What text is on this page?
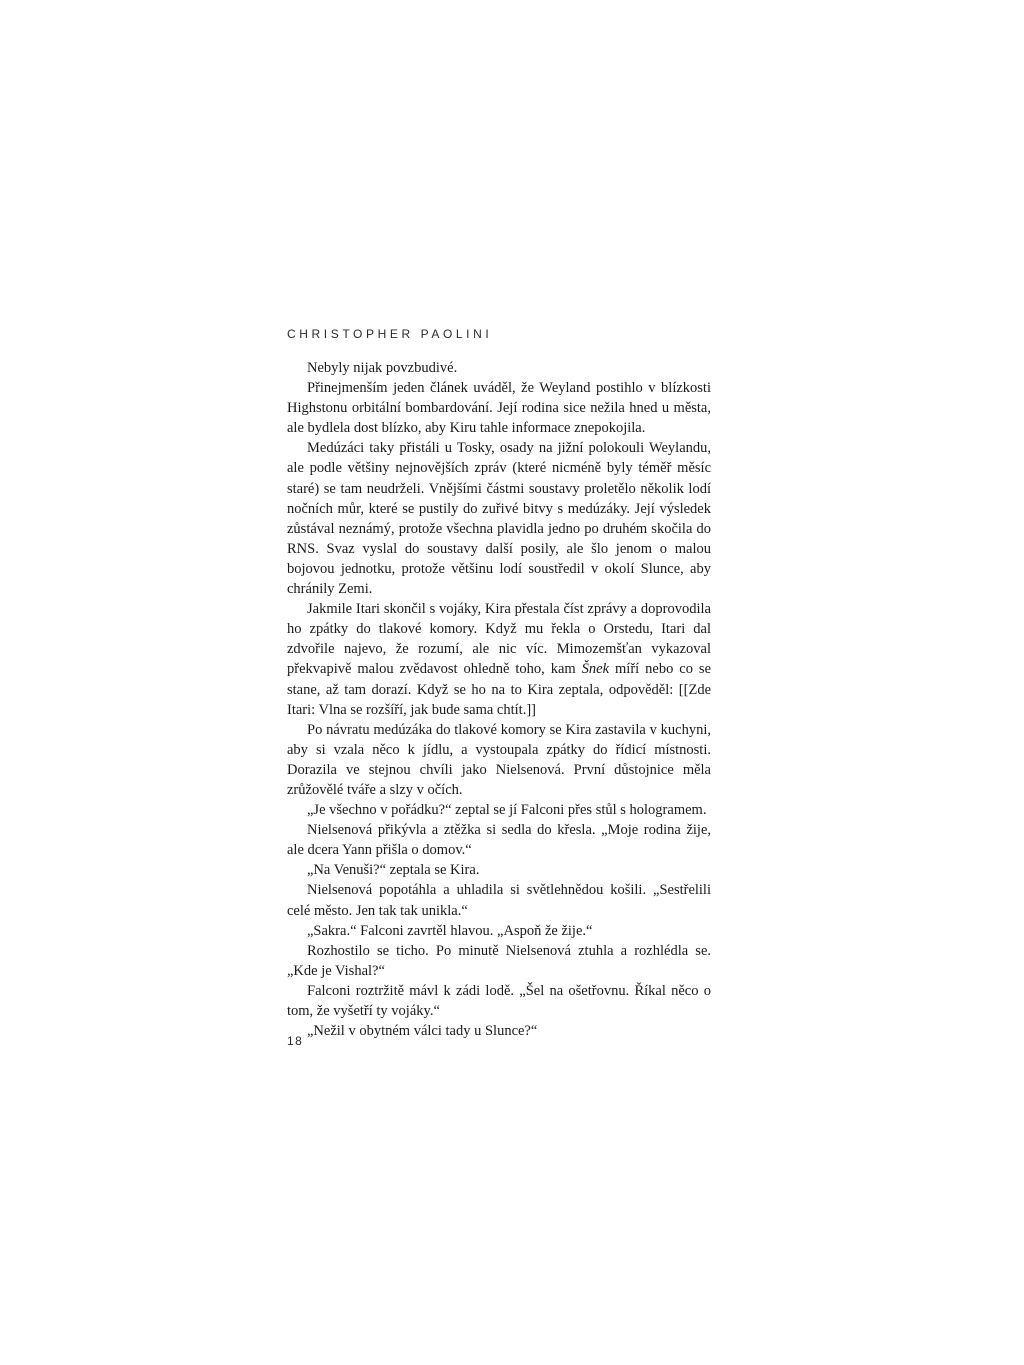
CHRISTOPHER PAOLINI

Nebyly nijak povzbudivé.

Přinejmenším jeden článek uváděl, že Weyland postihlo v blízkosti Highstonu orbitální bombardování. Její rodina sice nežila hned u města, ale bydlela dost blízko, aby Kiru tahle informace znepokojila.

Medúzáci taky přistáli u Tosky, osady na jižní polokouli Weylandu, ale podle většiny nejnovějších zpráv (které nicméně byly téměř měsíc staré) se tam neudrželi. Vnějšími částmi soustavy proletělo několik lodí nočních můr, které se pustily do zuřivé bitvy s medúzáky. Její výsledek zůstával neznámý, protože všechna plavidla jedno po druhém skočila do RNS. Svaz vyslal do soustavy další posily, ale šlo jenom o malou bojovou jednotku, protože většinu lodí soustředil v okolí Slunce, aby chránily Zemi.

Jakmile Itari skončil s vojáky, Kira přestala číst zprávy a doprovodila ho zpátky do tlakové komory. Když mu řekla o Orstedu, Itari dal zdvořile najevo, že rozumí, ale nic víc. Mimozemšťan vykazoval překvapivě malou zvědavost ohledně toho, kam Šnek míří nebo co se stane, až tam dorazí. Když se ho na to Kira zeptala, odpověděl: [[Zde Itari: Vlna se rozšíří, jak bude sama chtít.]]

Po návratu medúzáka do tlakové komory se Kira zastavila v kuchyni, aby si vzala něco k jídlu, a vystoupala zpátky do řídicí místnosti. Dorazila ve stejnou chvíli jako Nielsenová. První důstojnice měla zrůžovělé tváře a slzy v očích.

„Je všechno v pořádku?“ zeptal se jí Falconi přes stůl s hologramem.

Nielsenová přikývla a ztěžka si sedla do křesla. „Moje rodina žije, ale dcera Yann přišla o domov.“

„Na Venuši?“ zeptala se Kira.

Nielsenová popotáhla a uhladila si světlehnědou košili. „Sestřelili celé město. Jen tak tak unikla.“

„Sakra.“ Falconi zavrtěl hlavou. „Aspoň že žije.“

Rozhostilo se ticho. Po minutě Nielsenová ztuhla a rozhlédla se. „Kde je Vishal?“

Falconi roztržitě mávl k zádi lodě. „Šel na ošetřovnu. Říkal něco o tom, že vyšetří ty vojáky.“

„Nežil v obytném válci tady u Slunce?“

18
